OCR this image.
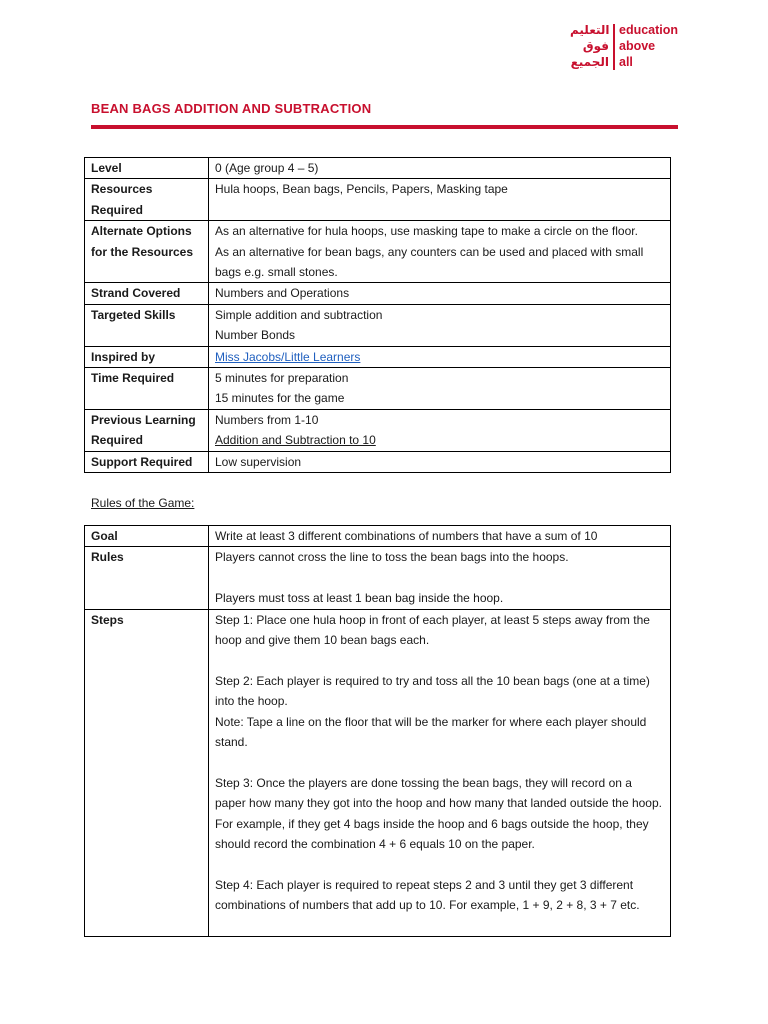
التعليم
فوق
الجميع
education
above
all
BEAN BAGS ADDITION AND SUBTRACTION
Level	0 (Age group 4 – 5)

Resources Required	Hula hoops, Bean bags, Pencils, Papers, Masking tape

Alternate Options for the Resources	As an alternative for hula hoops, use masking tape to make a circle on the floor.
As an alternative for bean bags, any counters can be used and placed with small bags e.g. small stones.

Strand Covered	Numbers and Operations

Targeted Skills	Simple addition and subtraction
Number Bonds

Inspired by	Miss Jacobs/Little Learners

Time Required	5 minutes for preparation
15 minutes for the game

Previous Learning Required	Numbers from 1-10
Addition and Subtraction to 10

Support Required	Low supervision
Rules of the Game:
Goal	Write at least 3 different combinations of numbers that have a sum of 10

Rules	Players cannot cross the line to toss the bean bags into the hoops.
Players must toss at least 1 bean bag inside the hoop.

Steps	Step 1: Place one hula hoop in front of each player, at least 5 steps away from the hoop and give them 10 bean bags each.
Step 2: Each player is required to try and toss all the 10 bean bags (one at a time) into the hoop.
Note: Tape a line on the floor that will be the marker for where each player should stand.
Step 3: Once the players are done tossing the bean bags, they will record on a paper how many they got into the hoop and how many that landed outside the hoop. For example, if they get 4 bags inside the hoop and 6 bags outside the hoop, they should record the combination 4 + 6 equals 10 on the paper.
Step 4: Each player is required to repeat steps 2 and 3 until they get 3 different combinations of numbers that add up to 10. For example, 1 + 9, 2 + 8, 3 + 7 etc.
